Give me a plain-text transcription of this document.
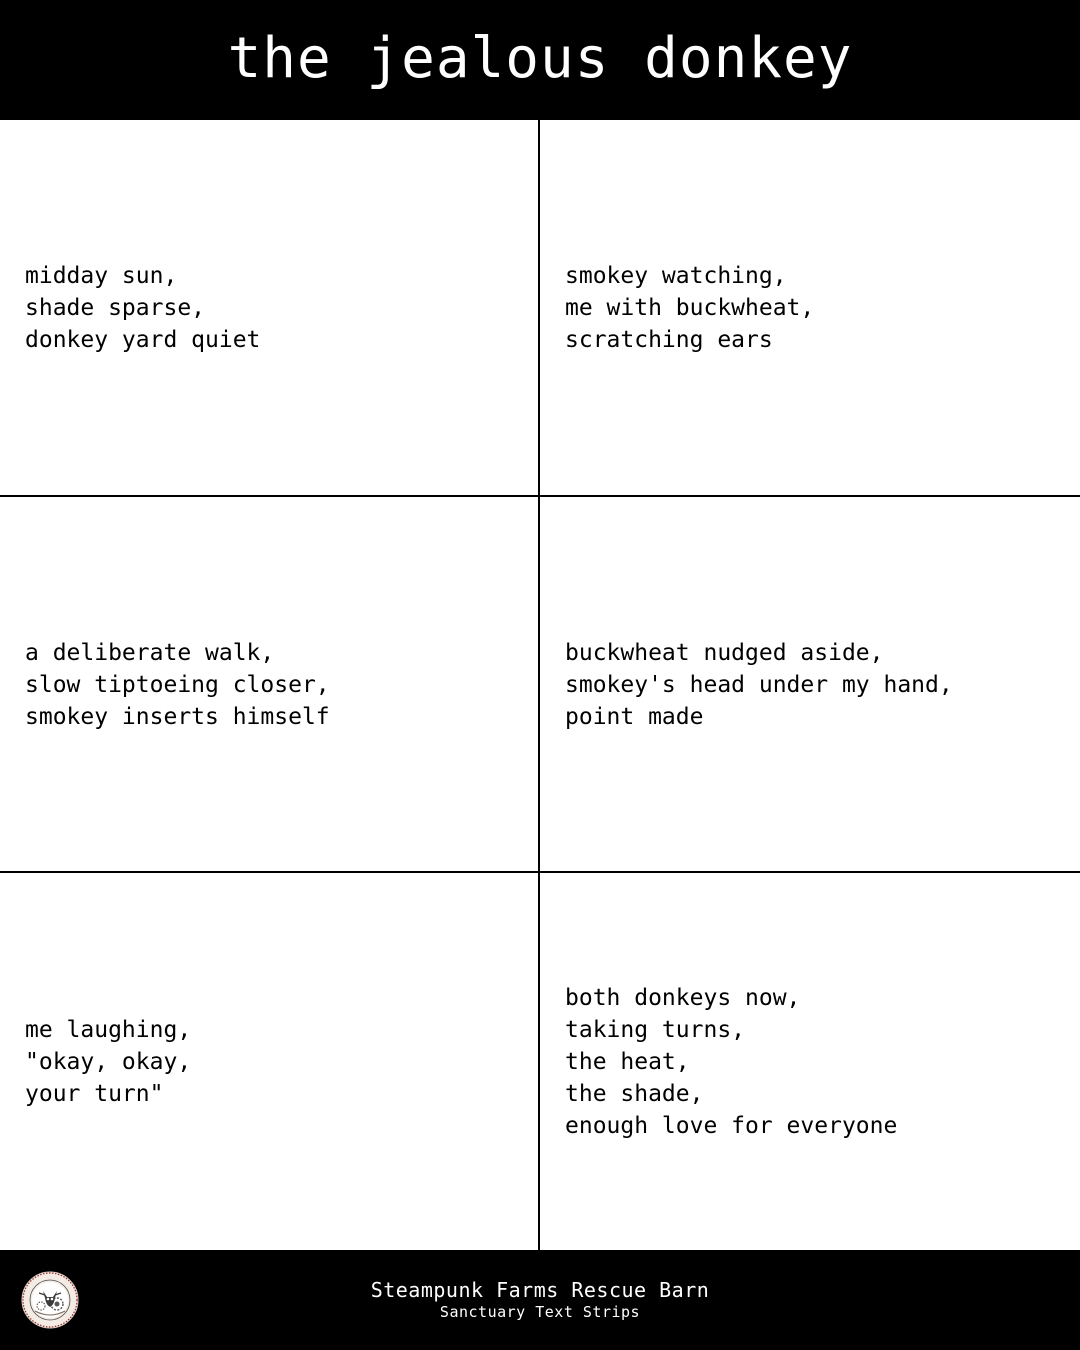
the jealous donkey
midday sun,
shade sparse,
donkey yard quiet
smokey watching,
me with buckwheat,
scratching ears
a deliberate walk,
slow tiptoeing closer,
smokey inserts himself
buckwheat nudged aside,
smokey's head under my hand,
point made
me laughing,
"okay, okay,
your turn"
both donkeys now,
taking turns,
the heat,
the shade,
enough love for everyone
Steampunk Farms Rescue Barn
Sanctuary Text Strips
